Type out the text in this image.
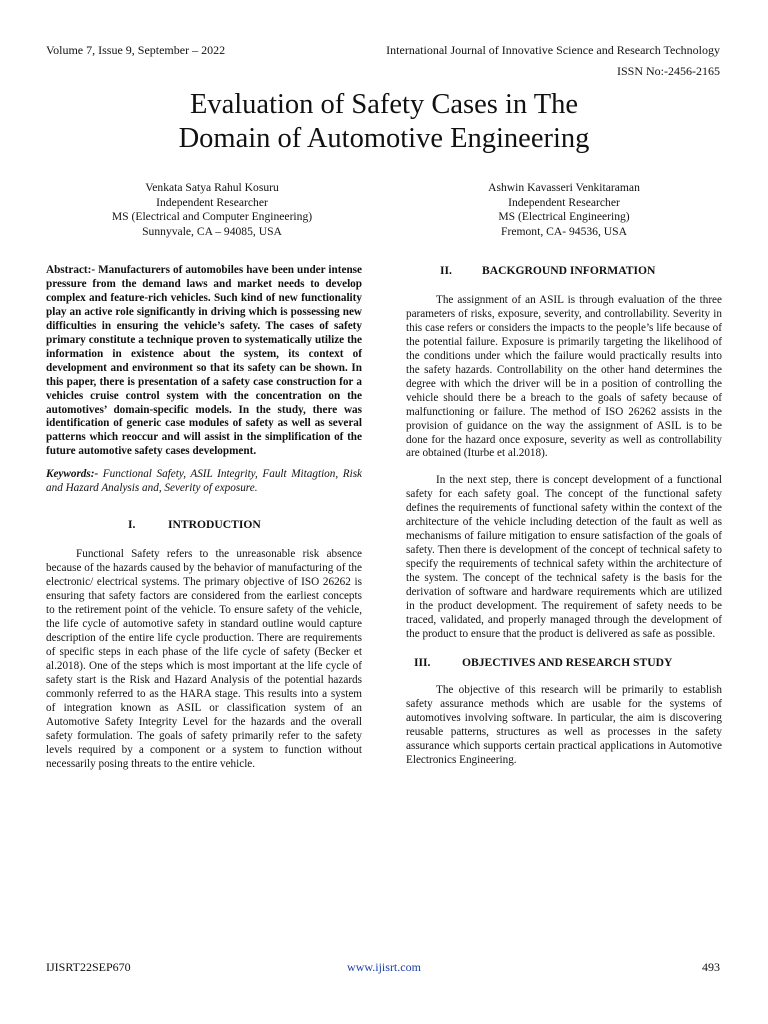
Volume 7, Issue 9, September – 2022	International Journal of Innovative Science and Research Technology
ISSN No:-2456-2165
Evaluation of Safety Cases in The
Domain of Automotive Engineering
Venkata Satya Rahul Kosuru
Independent Researcher
MS (Electrical and Computer Engineering)
Sunnyvale, CA – 94085, USA
Ashwin Kavasseri Venkitaraman
Independent Researcher
MS (Electrical Engineering)
Fremont, CA- 94536, USA

Abstract:- Manufacturers of automobiles have been under intense pressure from the demand laws and market needs to develop complex and feature-rich vehicles. Such kind of new functionality play an active role significantly in driving which is possessing new difficulties in ensuring the vehicle’s safety. The cases of safety primary constitute a technique proven to systematically utilize the information in existence about the system, its context of development and environment so that its safety can be shown. In this paper, there is presentation of a safety case construction for a vehicles cruise control system with the concentration on the automotives’ domain-specific models. In the study, there was identification of generic case modules of safety as well as several patterns which reoccur and will assist in the simplification of the future automotive safety cases development.

Keywords:- Functional Safety, ASIL Integrity, Fault Mitagtion, Risk and Hazard Analysis and, Severity of exposure.

I.	INTRODUCTION

Functional Safety refers to the unreasonable risk absence because of the hazards caused by the behavior of manufacturing of the electronic/ electrical systems. The primary objective of ISO 26262 is ensuring that safety factors are considered from the earliest concepts to the retirement point of the vehicle. To ensure safety of the vehicle, the life cycle of automotive safety in standard outline would capture description of the entire life cycle production. There are requirements of specific steps in each phase of the life cycle of safety (Becker et al.2018). One of the steps which is most important at the life cycle of safety start is the Risk and Hazard Analysis of the potential hazards commonly referred to as the HARA stage. This results into a system of integration known as ASIL or classification system of an Automotive Safety Integrity Level for the hazards and the overall safety formulation. The goals of safety primarily refer to the safety levels required by a component or a system to function without necessarily posing threats to the entire vehicle.

II.	BACKGROUND INFORMATION

The assignment of an ASIL is through evaluation of the three parameters of risks, exposure, severity, and controllability. Severity in this case refers or considers the impacts to the people’s life because of the potential failure. Exposure is primarily targeting the likelihood of the conditions under which the failure would practically results into the safety hazards. Controllability on the other hand determines the degree with which the driver will be in a position of controlling the vehicle should there be a breach to the goals of safety because of malfunctioning or failure. The method of ISO 26262 assists in the provision of guidance on the way the assignment of ASIL is to be done for the hazard once exposure, severity as well as controllability are obtained (Iturbe et al.2018).

In the next step, there is concept development of a functional safety for each safety goal. The concept of the functional safety defines the requirements of functional safety within the context of the architecture of the vehicle including detection of the fault as well as mechanisms of failure mitigation to ensure satisfaction of the goals of safety. Then there is development of the concept of technical safety to specify the requirements of technical safety within the architecture of the system. The concept of the technical safety is the basis for the derivation of software and hardware requirements which are utilized in the product development. The requirement of safety needs to be traced, validated, and properly managed through the development of the product to ensure that the product is delivered as safe as possible.

III.	OBJECTIVES AND RESEARCH STUDY

The objective of this research will be primarily to establish safety assurance methods which are usable for the systems of automotives involving software. In particular, the aim is discovering reusable patterns, structures as well as processes in the safety assurance which supports certain practical applications in Automotive Electronics Engineering.

IJISRT22SEP670	www.ijisrt.com	493
